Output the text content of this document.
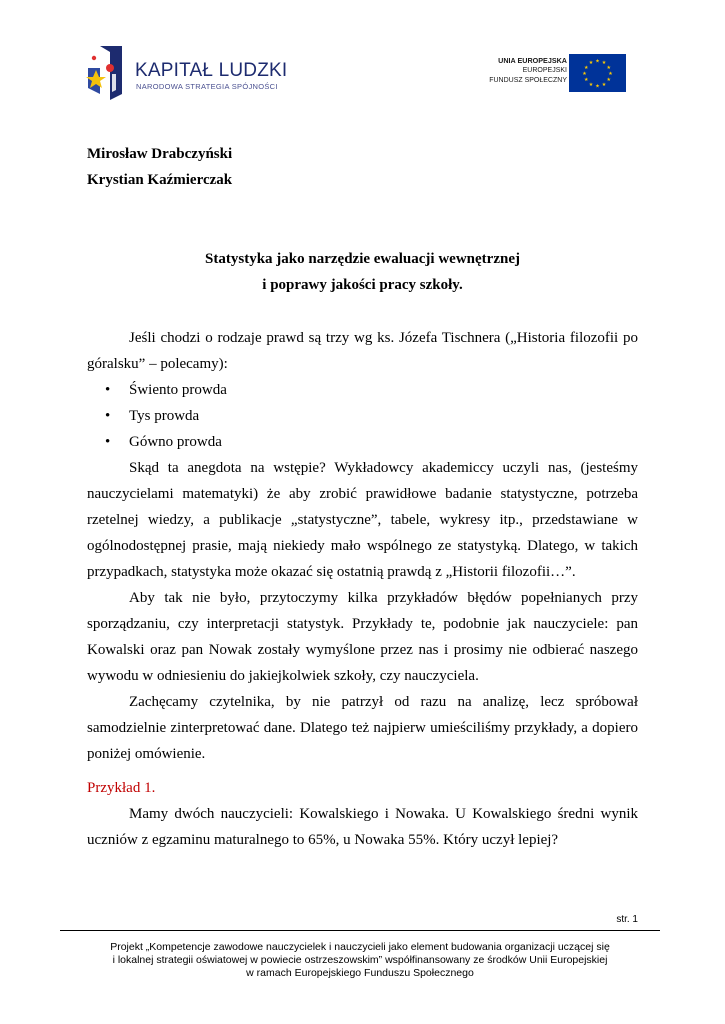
KAPITAŁ LUDZKI
NARODOWA STRATEGIA SPÓJNOŚCI
UNIA EUROPEJSKA
EUROPEJSKI
FUNDUSZ SPOŁECZNY
★ ★
★
★
★
★
★
★
★
★
★
★
Mirosław Drabczyński
Krystian Kaźmierczak
Statystyka jako narzędzie ewaluacji wewnętrznej
i poprawy jakości pracy szkoły.

Jeśli chodzi o rodzaje prawd są trzy wg ks. Józefa Tischnera („Historia filozofii po góralsku” – polecamy):

• Świento prowda
• Tys prowda
• Gówno prowda

Skąd ta anegdota na wstępie? Wykładowcy akademiccy uczyli nas, (jesteśmy nauczycielami matematyki) że aby zrobić prawidłowe badanie statystyczne, potrzeba rzetelnej wiedzy, a publikacje „statystyczne”, tabele, wykresy itp., przedstawiane w ogólnodostępnej prasie, mają niekiedy mało wspólnego ze statystyką. Dlatego, w takich przypadkach, statystyka może okazać się ostatnią prawdą z „Historii filozofii…”.

Aby tak nie było, przytoczymy kilka przykładów błędów popełnianych przy sporządzaniu, czy interpretacji statystyk. Przykłady te, podobnie jak nauczyciele: pan Kowalski oraz pan Nowak zostały wymyślone przez nas i prosimy nie odbierać naszego wywodu w odniesieniu do jakiejkolwiek szkoły, czy nauczyciela.

Zachęcamy czytelnika, by nie patrzył od razu na analizę, lecz spróbował samodzielnie zinterpretować dane. Dlatego też najpierw umieściliśmy przykłady, a dopiero poniżej omówienie.

Przykład 1.

Mamy dwóch nauczycieli: Kowalskiego i Nowaka. U Kowalskiego średni wynik uczniów z egzaminu maturalnego to 65%, u Nowaka 55%. Który uczył lepiej?

str. 1
Projekt „Kompetencje zawodowe nauczycielek i nauczycieli jako element budowania organizacji uczącej się
i lokalnej strategii oświatowej w powiecie ostrzeszowskim” współfinansowany ze środków Unii Europejskiej
w ramach Europejskiego Funduszu Społecznego
